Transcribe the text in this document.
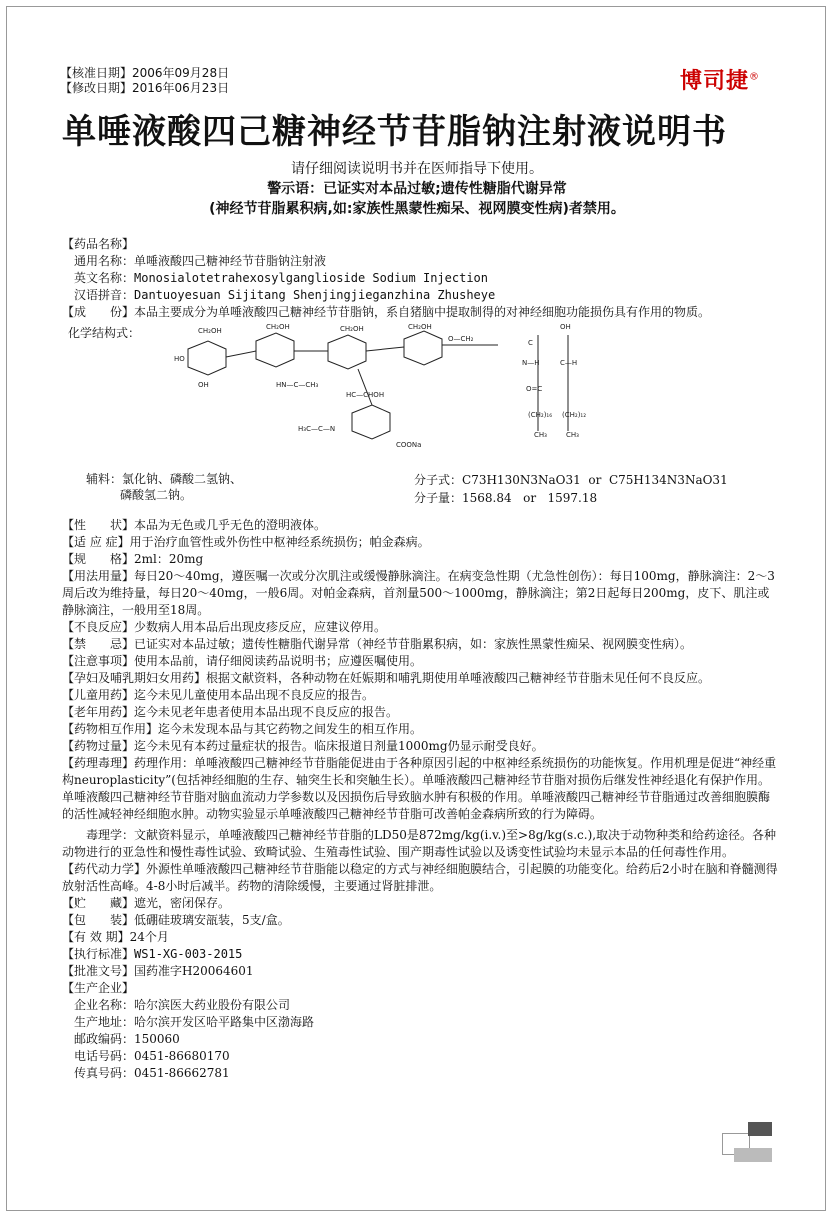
【核准日期】2006年09月28日
【修改日期】2016年06月23日	博司捷®
单唾液酸四己糖神经节苷脂钠注射液说明书
请仔细阅读说明书并在医师指导下使用。
警示语：已证实对本品过敏;遗传性糖脂代谢异常
(神经节苷脂累积病,如:家族性黑蒙性痴呆、视网膜变性病)者禁用。
【药品名称】
通用名称：单唾液酸四己糖神经节苷脂钠注射液
英文名称：Monosialotetrahexosylganglioside Sodium Injection
汉语拼音：Dantuoyesuan Sijitang Shenjingjieganzhina Zhusheye
【成　　份】本品主要成分为单唾液酸四己糖神经节苷脂钠，系自猪脑中提取制得的对神经细胞功能损伤具有作用的物质。
化学结构式：	CH₂OH	CH₂OH	CH₂OH	CH₂OH
HO
OH	HN—C—CH₃
O—CH₂	C
OH
N—H	C—H
O=C
(CH₂)₁₆ (CH₂)₁₂
CH₃	CH₃
HC—CHOH
H₃C—C—N
COONa
辅料：氯化钠、磷酸二氢钠、
磷酸氢二钠。
分子式：C73H130N3NaO31 or C75H134N3NaO31
分子量：1568.84 or 1597.18
【性　　状】本品为无色或几乎无色的澄明液体。
【适 应 症】用于治疗血管性或外伤性中枢神经系统损伤；帕金森病。
【规　　格】2ml：20mg
【用法用量】每日20～40mg，遵医嘱一次或分次肌注或缓慢静脉滴注。在病变急性期（尤急性创伤）：每日100mg，静脉滴注：2～3周后改为维持量，每日20～40mg，一般6周。对帕金森病，首剂量500～1000mg，静脉滴注；第2日起每日200mg，皮下、肌注或静脉滴注，一般用至18周。
【不良反应】少数病人用本品后出现皮疹反应，应建议停用。
【禁　　忌】已证实对本品过敏；遗传性糖脂代谢异常（神经节苷脂累积病，如：家族性黑蒙性痴呆、视网膜变性病）。
【注意事项】使用本品前，请仔细阅读药品说明书；应遵医嘱使用。
【孕妇及哺乳期妇女用药】根据文献资料，各种动物在妊娠期和哺乳期使用单唾液酸四己糖神经节苷脂未见任何不良反应。
【儿童用药】迄今未见儿童使用本品出现不良反应的报告。
【老年用药】迄今未见老年患者使用本品出现不良反应的报告。
【药物相互作用】迄今未发现本品与其它药物之间发生的相互作用。
【药物过量】迄今未见有本药过量症状的报告。临床报道日剂量1000mg仍显示耐受良好。
【药理毒理】药理作用：单唾液酸四己糖神经节苷脂能促进由于各种原因引起的中枢神经系统损伤的功能恢复。作用机理是促进“神经重构neuroplasticity”(包括神经细胞的生存、轴突生长和突触生长）。单唾液酸四己糖神经节苷脂对损伤后继发性神经退化有保护作用。单唾液酸四己糖神经节苷脂对脑血流动力学参数以及因损伤后导致脑水肿有积极的作用。单唾液酸四己糖神经节苷脂通过改善细胞膜酶的活性减轻神经细胞水肿。动物实验显示单唾液酸四己糖神经节苷脂可改善帕金森病所致的行为障碍。
毒理学：文献资料显示，单唾液酸四己糖神经节苷脂的LD50是872mg/kg(i.v.)至>8g/kg(s.c.),取决于动物种类和给药途径。各种动物进行的亚急性和慢性毒性试验、致畸试验、生殖毒性试验、围产期毒性试验以及诱变性试验均未显示本品的任何毒性作用。
【药代动力学】外源性单唾液酸四己糖神经节苷脂能以稳定的方式与神经细胞膜结合，引起膜的功能变化。给药后2小时在脑和脊髓测得放射活性高峰。4-8小时后减半。药物的清除缓慢，主要通过肾脏排泄。
【贮　　藏】遮光，密闭保存。
【包　　装】低硼硅玻璃安瓿装，5支/盒。
【有 效 期】24个月
【执行标准】WS1-XG-003-2015
【批准文号】国药准字H20064601
【生产企业】
企业名称：哈尔滨医大药业股份有限公司
生产地址：哈尔滨开发区哈平路集中区渤海路
邮政编码：150060
电话号码：0451-86680170
传真号码：0451-86662781
